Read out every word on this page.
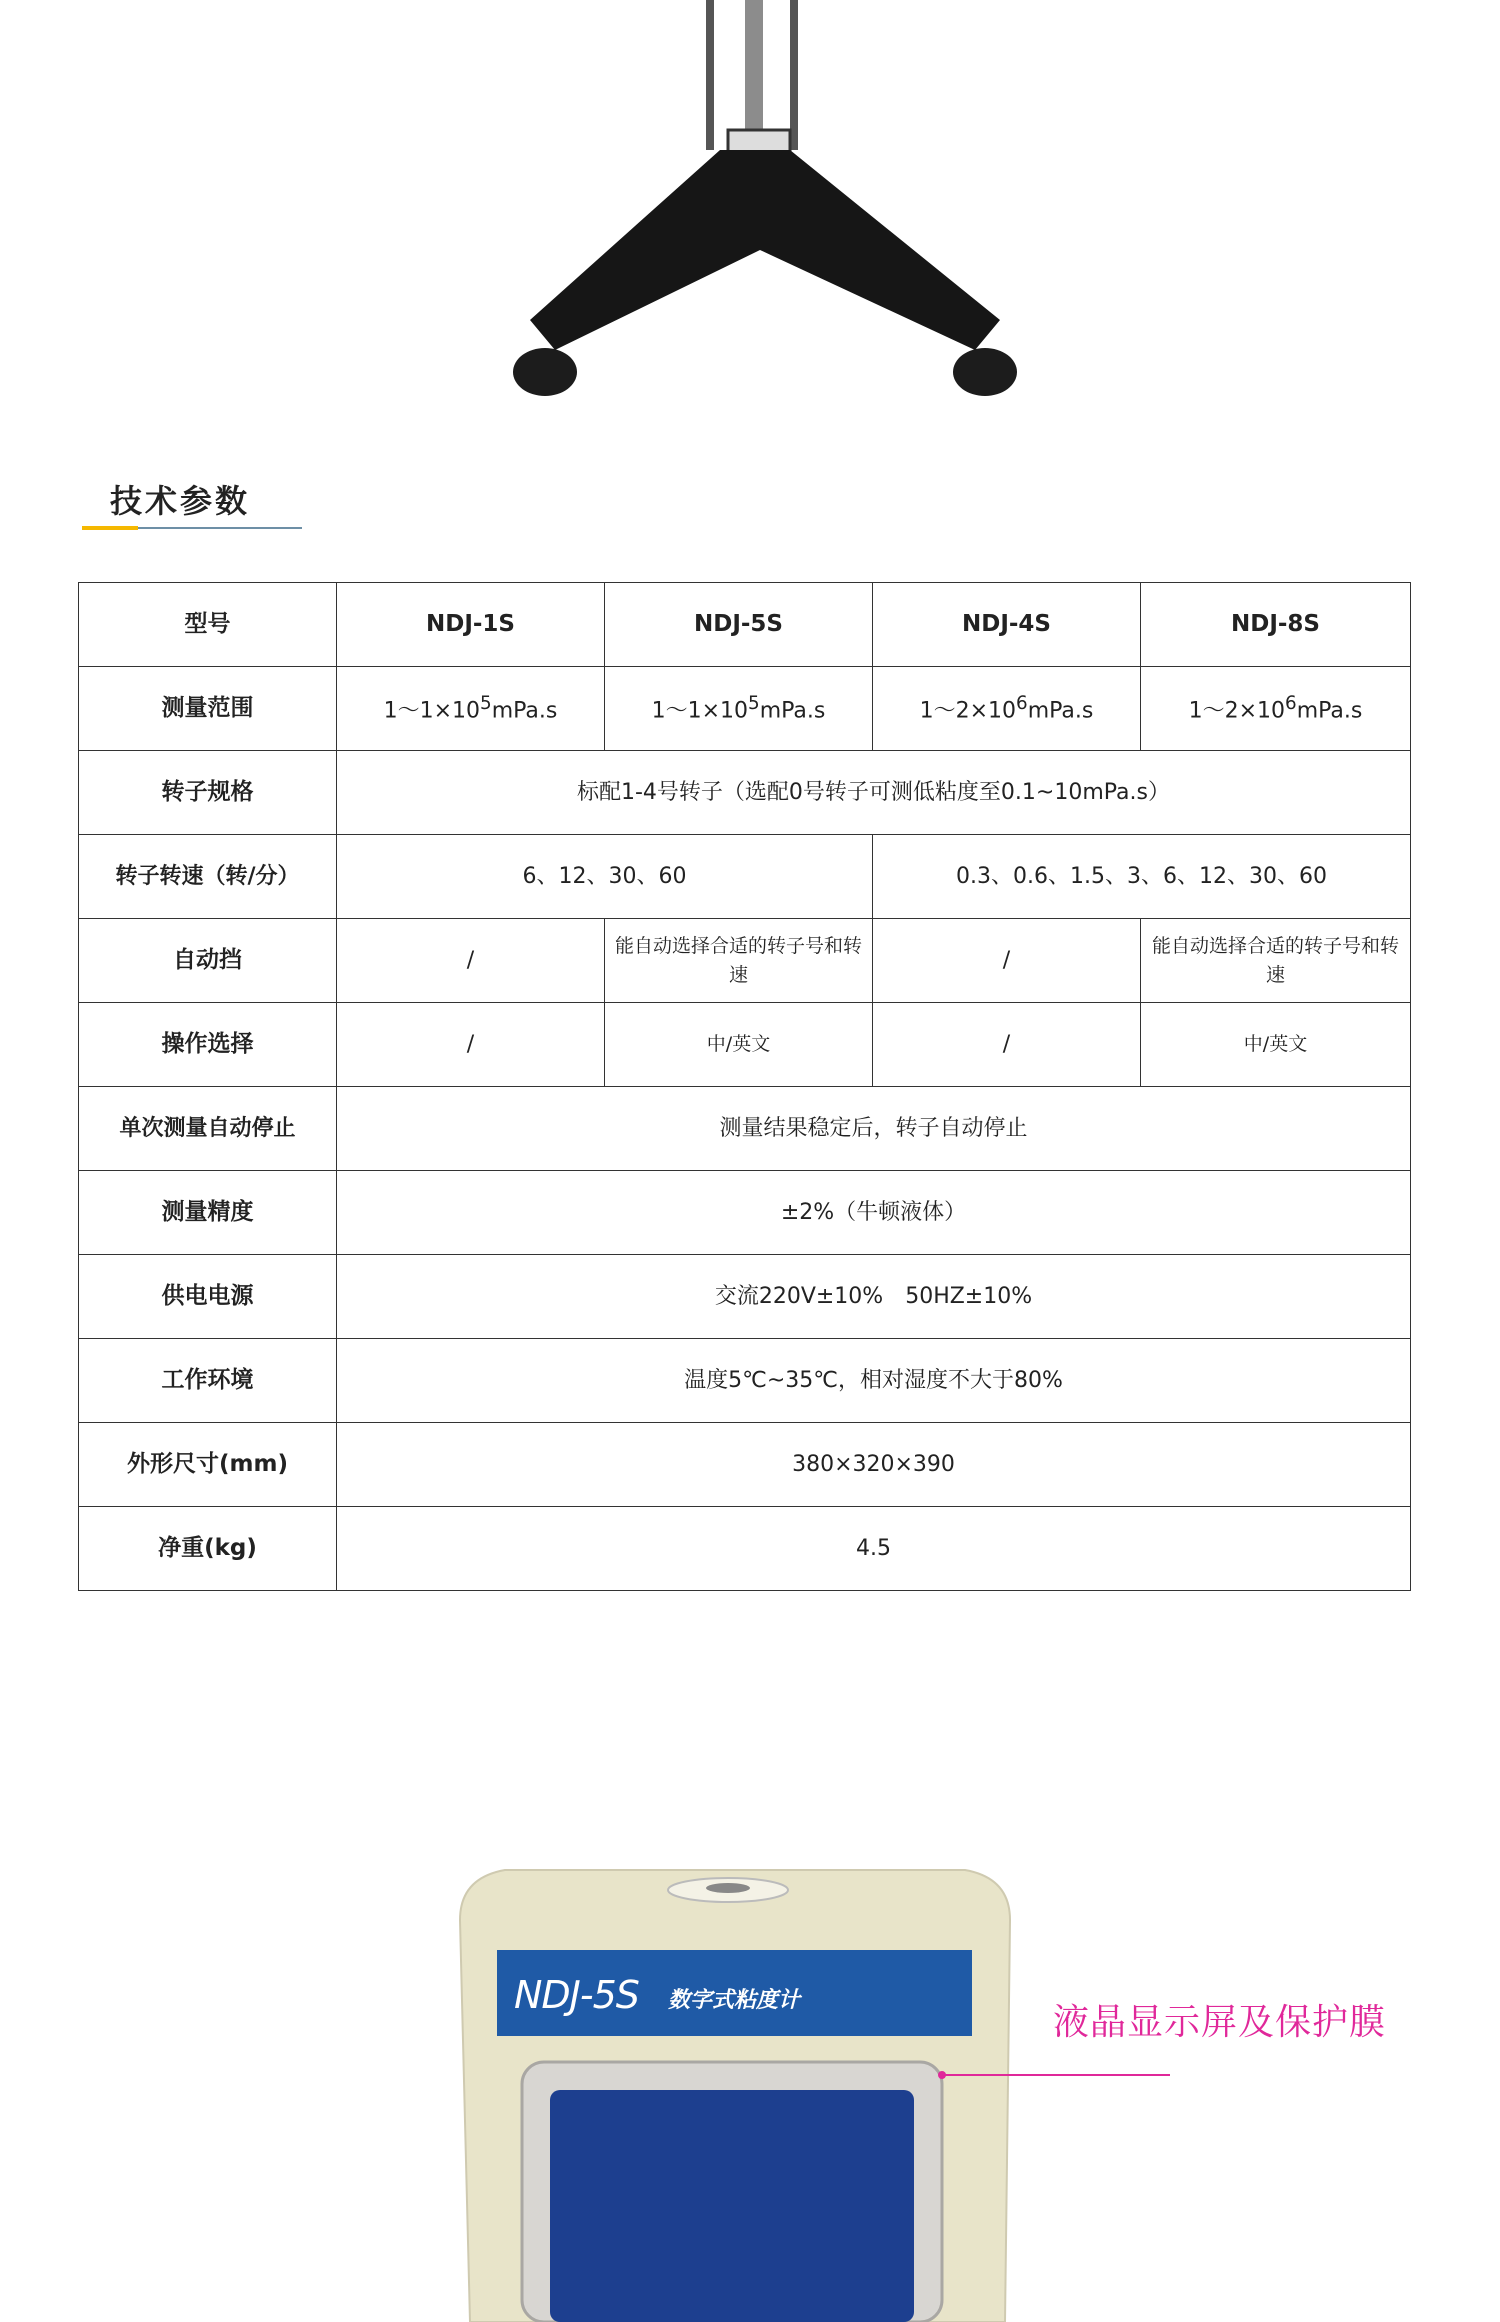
技术参数
型号	NDJ-1S	NDJ-5S	NDJ-4S	NDJ-8S
测量范围	$1\sim 1\times 10^5mPa.s$	$1\sim 1\times 10^5mPa.s$	$1\sim 2\times 10^6mPa.s$	$1\sim 2\times 10^6mPa.s$
转子规格	标配1-4号转子（选配0号转子可测低粘度至0.1~10mPa.s）			
转子转速（转/分）	6、12、30、60		0.3、0.6、1.5、3、6、12、30、60	
自动挡	/	能自动选择合适的转子号和转速	/	能自动选择合适的转子号和转速
操作选择	/	中/英文	/	中/英文
单次测量自动停止	测量结果稳定后，转子自动停止			
测量精度	±2%（牛顿液体）			
供电电源	交流220V±10%　50HZ±10%			
工作环境	温度5℃~35℃，相对湿度不大于80%			
外形尺寸(mm)	380×320×390			
净重(kg)	4.5			
NDJ-5S 数字式粘度计
液晶显示屏及保护膜
